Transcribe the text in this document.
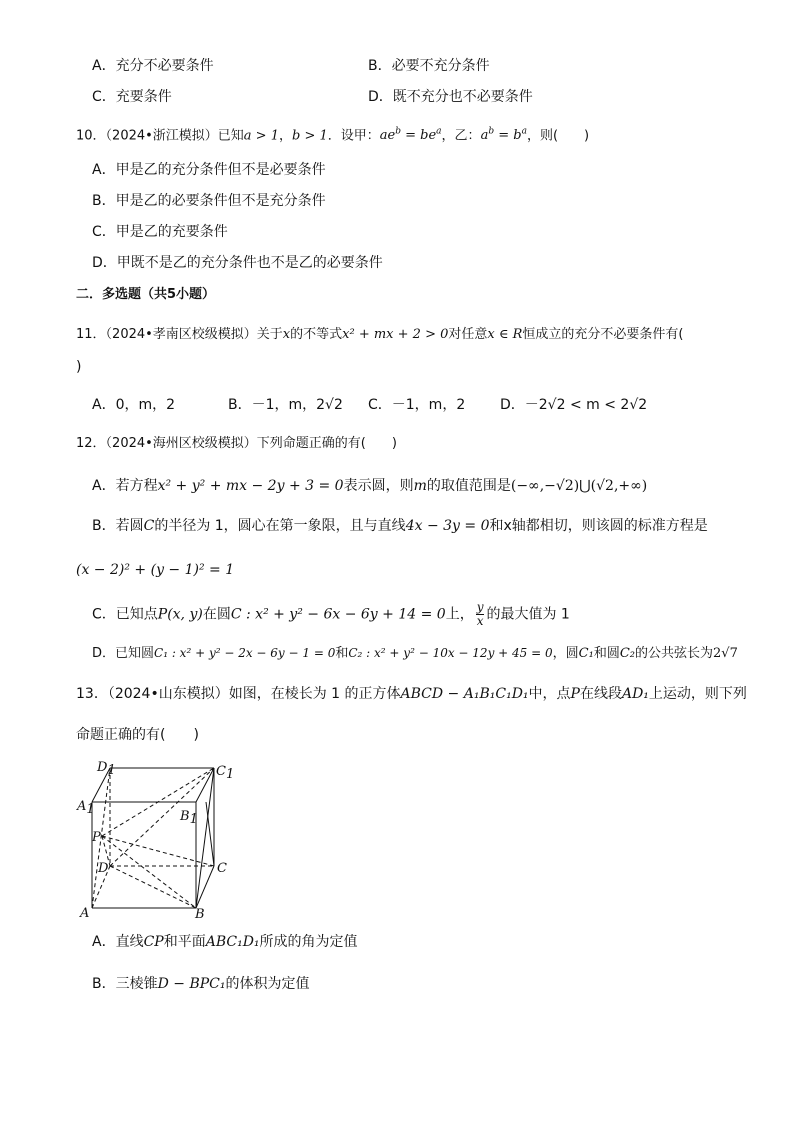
A．充分不必要条件	B．必要不充分条件
C．充要条件	D．既不充分也不必要条件
10．（2024•浙江模拟）已知a > 1，b > 1．设甲：$ae^b = be^a$，乙：$a^b = b^a$，则(　　)
A．甲是乙的充分条件但不是必要条件
B．甲是乙的必要条件但不是充分条件
C．甲是乙的充要条件
D．甲既不是乙的充分条件也不是乙的必要条件
二．多选题（共5小题）
11．（2024•孝南区校级模拟）关于x的不等式x² + mx + 2 > 0对任意x ∈ R恒成立的充分不必要条件有(
)
A．0，m，2	B．－1，m，2√2 C．－1，m，2 D．－2√2 < m < 2√2
12．（2024•海州区校级模拟）下列命题正确的有(　　)
A．若方程x² + y² + mx − 2y + 3 = 0表示圆，则m的取值范围是(−∞,−√2)⋃(√2,+∞)
B．若圆C的半径为 1，圆心在第一象限，且与直线4x − 3y = 0和x轴都相切，则该圆的标准方程是
(x − 2)² + (y − 1)² = 1
C．已知点P(x, y)在圆C : x² + y² − 6x − 6y + 14 = 0上， $\frac{y}{x}$ 的最大值为 1
D．已知圆C₁ : x² + y² − 2x − 6y − 1 = 0和C₂ : x² + y² − 10x − 12y + 45 = 0，圆C₁和圆C₂的公共弦长为2√7
13．（2024•山东模拟）如图，在棱长为 1 的正方体ABCD − A₁B₁C₁D₁中，点P在线段AD₁上运动，则下列
命题正确的有(　　)
D1	C1
A1	B1
P
D	C
A	B
A．直线CP和平面ABC₁D₁所成的角为定值
B．三棱锥D − BPC₁的体积为定值
